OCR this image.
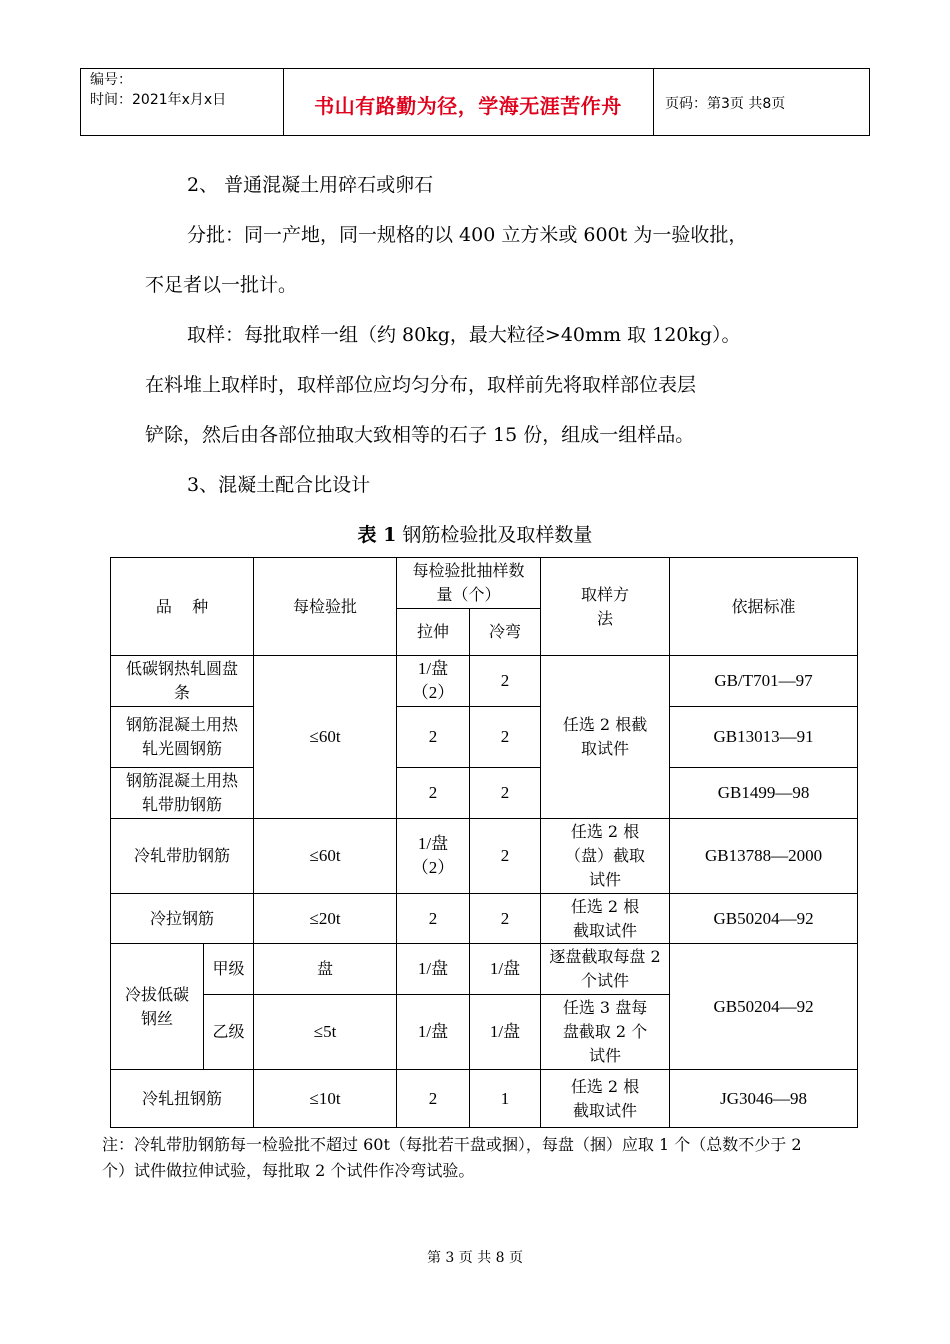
编号：
时间：2021年x月x日	书山有路勤为径，学海无涯苦作舟	页码：第3页 共8页
2、 普通混凝土用碎石或卵石
分批：同一产地，同一规格的以 400 立方米或 600t 为一验收批，
不足者以一批计。
取样：每批取样一组（约 80kg，最大粒径>40mm 取 120kg）。
在料堆上取样时，取样部位应均匀分布，取样前先将取样部位表层
铲除，然后由各部位抽取大致相等的石子 15 份，组成一组样品。
3、混凝土配合比设计
表 1 钢筋检验批及取样数量
品    种		每检验批	每检验批抽样数量（个）		取样方法	依据标准
			拉伸	冷弯		
低碳钢热轧圆盘条		≤60t	1/盘（2）	2	任选 2 根截取试件	GB/T701—97
钢筋混凝土用热轧光圆钢筋			2	2		GB13013—91
钢筋混凝土用热轧带肋钢筋			2	2		GB1499—98
冷轧带肋钢筋		≤60t	1/盘（2）	2	任选 2 根（盘）截取试件	GB13788—2000
冷拉钢筋		≤20t	2	2	任选 2 根截取试件	GB50204—92
冷拔低碳钢丝	甲级	盘	1/盘	1/盘	逐盘截取每盘 2 个试件	GB50204—92
	乙级	≤5t	1/盘	1/盘	任选 3 盘每盘截取 2 个试件	
冷轧扭钢筋		≤10t	2	1	任选 2 根截取试件	JG3046—98
注：冷轧带肋钢筋每一检验批不超过 60t（每批若干盘或捆），每盘（捆）应取 1 个（总数不少于 2 个）试件做拉伸试验，每批取 2 个试件作冷弯试验。
第 3 页 共 8 页
